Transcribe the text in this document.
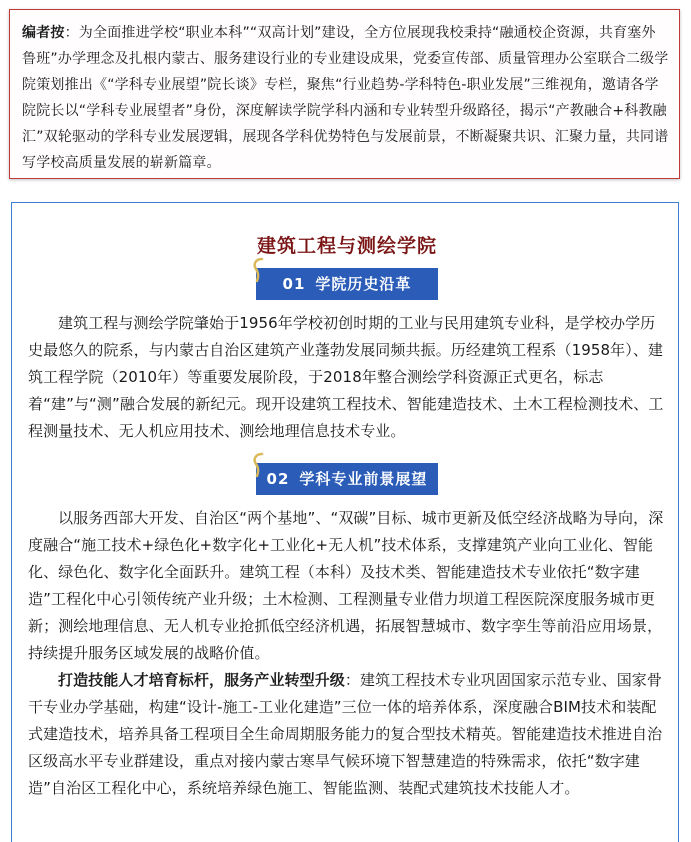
编者按：为全面推进学校“职业本科”“双高计划”建设，全方位展现我校秉持“融通校企资源，共育塞外鲁班”办学理念及扎根内蒙古、服务建设行业的专业建设成果，党委宣传部、质量管理办公室联合二级学院策划推出《“学科专业展望”院长谈》专栏，聚焦“行业趋势-学科特色-职业发展”三维视角，邀请各学院院长以“学科专业展望者”身份，深度解读学院学科内涵和专业转型升级路径，揭示“产教融合+科教融汇”双轮驱动的学科专业发展逻辑，展现各学科优势特色与发展前景，不断凝聚共识、汇聚力量，共同谱写学校高质量发展的崭新篇章。
建筑工程与测绘学院
01 学院历史沿革

建筑工程与测绘学院肇始于1956年学校初创时期的工业与民用建筑专业科，是学校办学历史最悠久的院系，与内蒙古自治区建筑产业蓬勃发展同频共振。历经建筑工程系（1958年）、建筑工程学院（2010年）等重要发展阶段，于2018年整合测绘学科资源正式更名，标志着“建”与“测”融合发展的新纪元。现开设建筑工程技术、智能建造技术、土木工程检测技术、工程测量技术、无人机应用技术、测绘地理信息技术专业。

02 学科专业前景展望

以服务西部大开发、自治区“两个基地”、“双碳”目标、城市更新及低空经济战略为导向，深度融合“施工技术+绿色化+数字化+工业化+无人机”技术体系，支撑建筑产业向工业化、智能化、绿色化、数字化全面跃升。建筑工程（本科）及技术类、智能建造技术专业依托“数字建造”工程化中心引领传统产业升级；土木检测、工程测量专业借力坝道工程医院深度服务城市更新；测绘地理信息、无人机专业抢抓低空经济机遇，拓展智慧城市、数字孪生等前沿应用场景，持续提升服务区域发展的战略价值。

打造技能人才培育标杆，服务产业转型升级：建筑工程技术专业巩固国家示范专业、国家骨干专业办学基础，构建“设计-施工-工业化建造”三位一体的培养体系，深度融合BIM技术和装配式建造技术，培养具备工程项目全生命周期服务能力的复合型技术精英。智能建造技术推进自治区级高水平专业群建设，重点对接内蒙古寒旱气候环境下智慧建造的特殊需求，依托“数字建造”自治区工程化中心，系统培养绿色施工、智能监测、装配式建筑技术技能人才。
